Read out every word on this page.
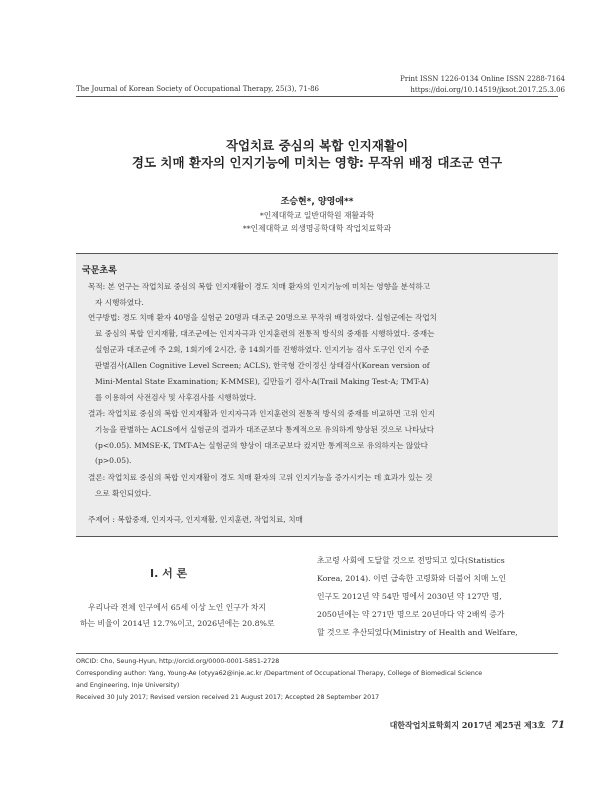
The Journal of Korean Society of Occupational Therapy, 25(3), 71-86
Print ISSN 1226-0134 Online ISSN 2288-7164
https://doi.org/10.14519/jksot.2017.25.3.06
작업치료 중심의 복합 인지재활이
경도 치매 환자의 인지기능에 미치는 영향: 무작위 배정 대조군 연구
조승현*, 양영애**
*인제대학교 일반대학원 재활과학
**인제대학교 의생명공학대학 작업치료학과
국문초록
목적: 본 연구는 작업치료 중심의 복합 인지재활이 경도 치매 환자의 인지기능에 미치는 영향을 분석하고
자 시행하였다.
연구방법: 경도 치매 환자 40명을 실험군 20명과 대조군 20명으로 무작위 배정하였다. 실험군에는 작업치
료 중심의 복합 인지재활, 대조군에는 인지자극과 인지훈련의 전통적 방식의 중재를 시행하였다. 중재는
실험군과 대조군에 주 2회, 1회기에 2시간, 총 14회기를 진행하였다. 인지기능 검사 도구인 인지 수준
판별검사(Allen Cognitive Level Screen; ACLS), 한국형 간이정신 상태검사(Korean version of
Mini-Mental State Examination; K-MMSE), 길만들기 검사-A(Trail Making Test-A; TMT-A)
를 이용하여 사전검사 및 사후검사를 시행하였다.
결과: 작업치료 중심의 복합 인지재활과 인지자극과 인지훈련의 전통적 방식의 중재를 비교하면 고위 인지
기능을 판별하는 ACLS에서 실험군의 결과가 대조군보다 통계적으로 유의하게 향상된 것으로 나타났다
(p<0.05). MMSE-K, TMT-A는 실험군의 향상이 대조군보다 컸지만 통계적으로 유의하지는 않았다
(p>0.05).
결론: 작업치료 중심의 복합 인지재활이 경도 치매 환자의 고위 인지기능을 증가시키는 데 효과가 있는 것
으로 확인되었다.
주제어 : 복합중재, 인지자극, 인지재활, 인지훈련, 작업치료, 치매
Ⅰ. 서 론
우리나라 전체 인구에서 65세 이상 노인 인구가 차지
하는 비율이 2014년 12.7%이고, 2026년에는 20.8%로
초고령 사회에 도달할 것으로 전망되고 있다(Statistics
Korea, 2014). 이런 급속한 고령화와 더불어 치매 노인
인구도 2012년 약 54만 명에서 2030년 약 127만 명,
2050년에는 약 271만 명으로 20년마다 약 2배씩 증가
할 것으로 추산되었다(Ministry of Health and Welfare,
ORCID: Cho, Seung-Hyun, http://orcid.org/0000-0001-5851-2728
Corresponding author: Yang, Young-Ae (otyya62@inje.ac.kr /Department of Occupational Therapy, College of Biomedical Science
and Engineering, Inje University)
Received 30 July 2017; Revised version received 21 August 2017; Accepted 28 September 2017
대한작업치료학회지 2017년 제25권 제3호 71
